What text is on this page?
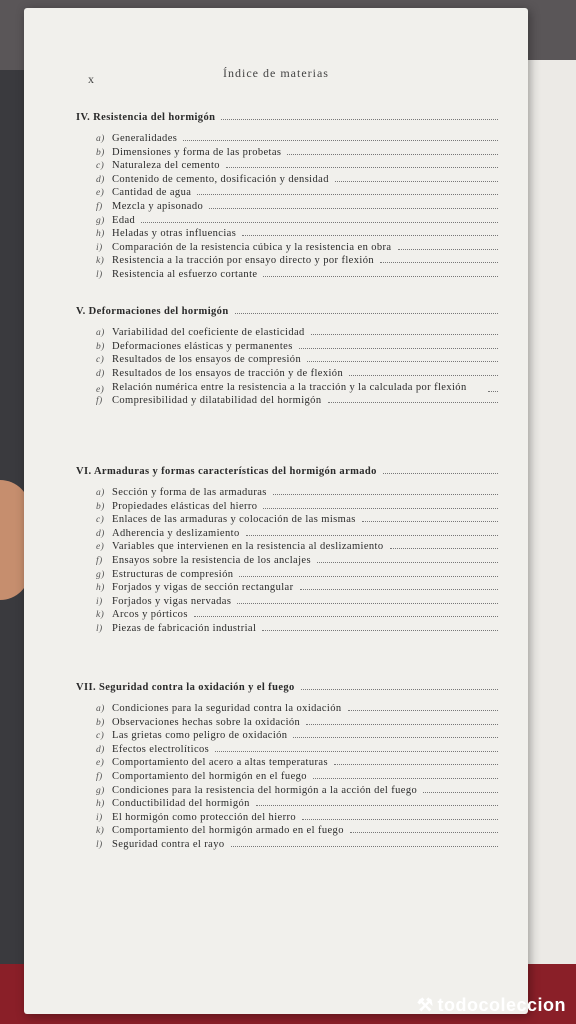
Índice de materias
x
IV. Resistencia del hormigón
a) Generalidades
b) Dimensiones y forma de las probetas
c) Naturaleza del cemento
d) Contenido de cemento, dosificación y densidad
e) Cantidad de agua
f) Mezcla y apisonado
g) Edad
h) Heladas y otras influencias
i) Comparación de la resistencia cúbica y la resistencia en obra
k) Resistencia a la tracción por ensayo directo y por flexión
l) Resistencia al esfuerzo cortante
V. Deformaciones del hormigón
a) Variabilidad del coeficiente de elasticidad
b) Deformaciones elásticas y permanentes
c) Resultados de los ensayos de compresión
d) Resultados de los ensayos de tracción y de flexión
e) Relación numérica entre la resistencia a la tracción y la calculada por flexión
f) Compresibilidad y dilatabilidad del hormigón
VI. Armaduras y formas características del hormigón armado
a) Sección y forma de las armaduras
b) Propiedades elásticas del hierro
c) Enlaces de las armaduras y colocación de las mismas
d) Adherencia y deslizamiento
e) Variables que intervienen en la resistencia al deslizamiento
f) Ensayos sobre la resistencia de los anclajes
g) Estructuras de compresión
h) Forjados y vigas de sección rectangular
i) Forjados y vigas nervadas
k) Arcos y pórticos
l) Piezas de fabricación industrial
VII. Seguridad contra la oxidación y el fuego
a) Condiciones para la seguridad contra la oxidación
b) Observaciones hechas sobre la oxidación
c) Las grietas como peligro de oxidación
d) Efectos electrolíticos
e) Comportamiento del acero a altas temperaturas
f) Comportamiento del hormigón en el fuego
g) Condiciones para la resistencia del hormigón a la acción del fuego
h) Conductibilidad del hormigón
i) El hormigón como protección del hierro
k) Comportamiento del hormigón armado en el fuego
l) Seguridad contra el rayo
⚒ todocoleccion
